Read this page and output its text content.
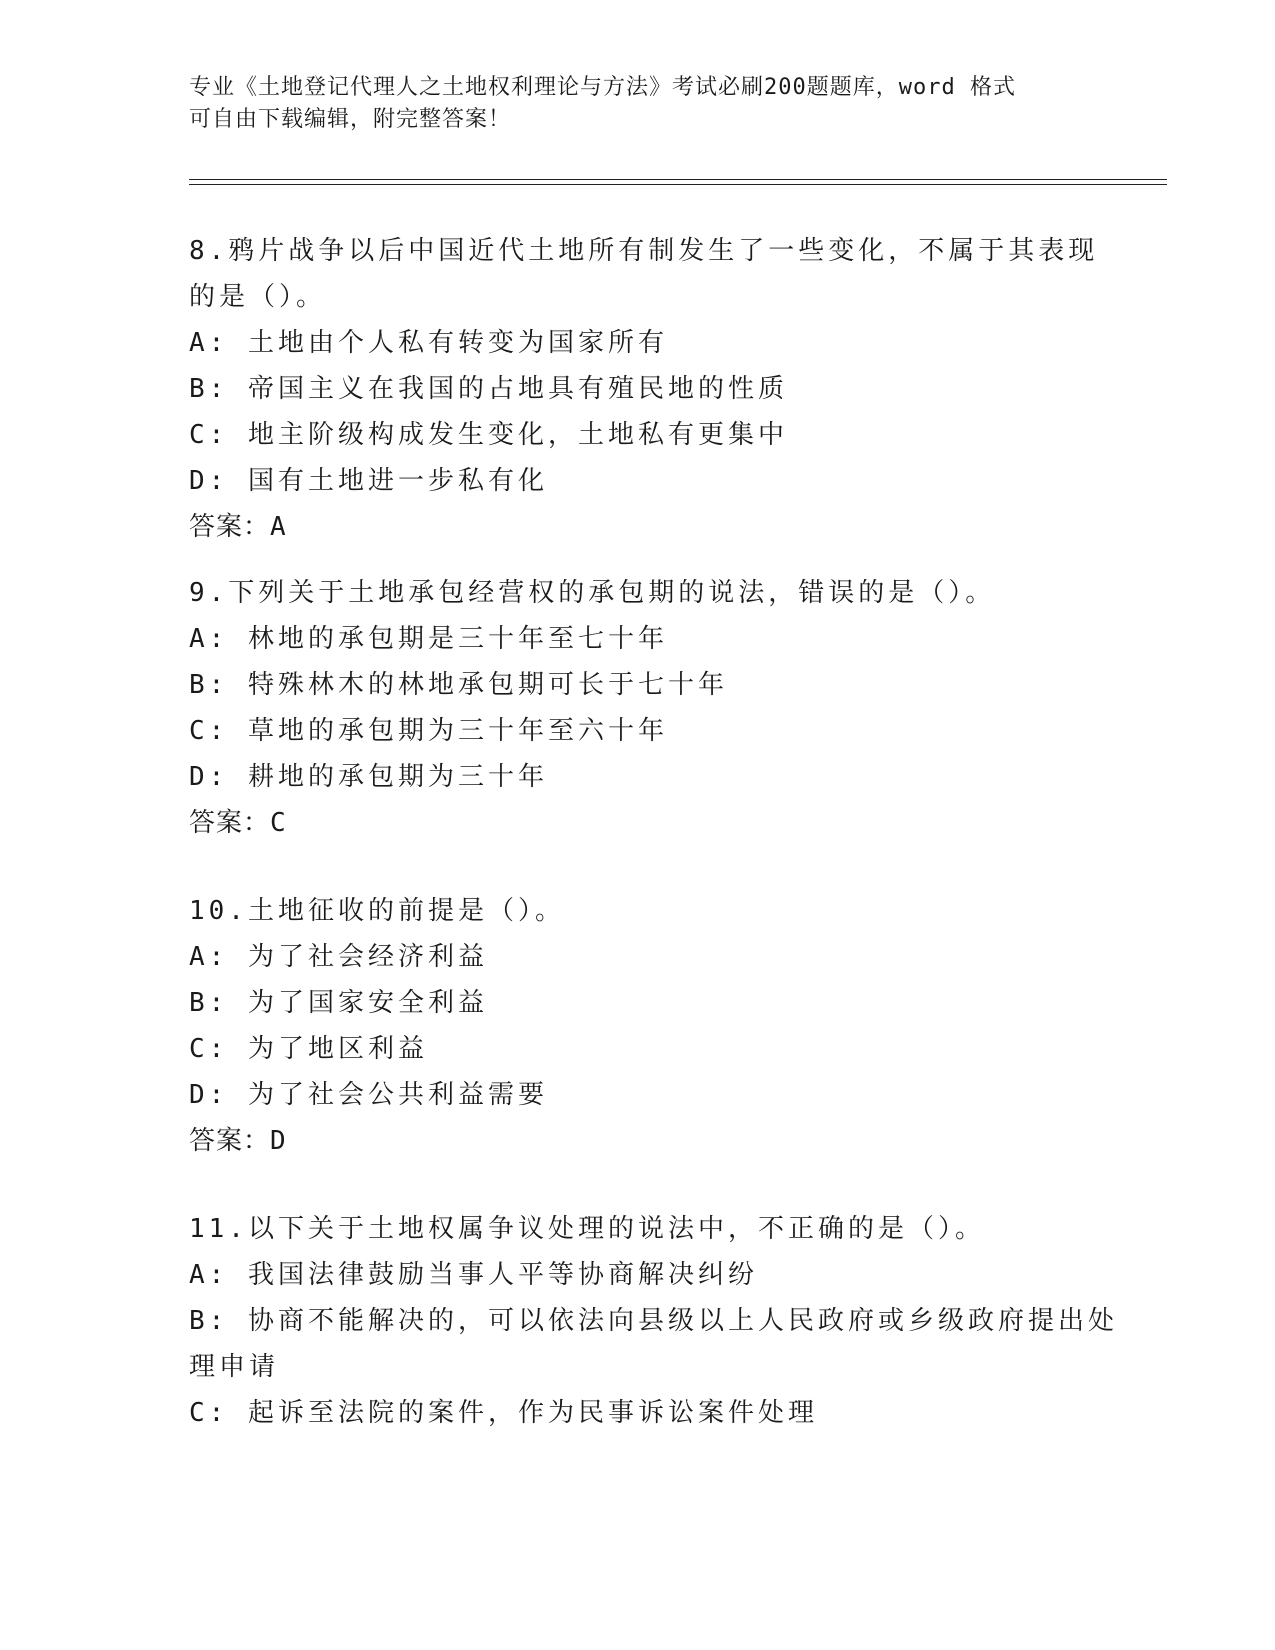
专业《土地登记代理人之土地权利理论与方法》考试必刷200题题库，word 格式
可自由下载编辑，附完整答案！
8.鸦片战争以后中国近代土地所有制发生了一些变化，不属于其表现
的是（）。
A: 土地由个人私有转变为国家所有
B: 帝国主义在我国的占地具有殖民地的性质
C: 地主阶级构成发生变化，土地私有更集中
D: 国有土地进一步私有化
答案：A
9.下列关于土地承包经营权的承包期的说法，错误的是（）。
A: 林地的承包期是三十年至七十年
B: 特殊林木的林地承包期可长于七十年
C: 草地的承包期为三十年至六十年
D: 耕地的承包期为三十年
答案：C
10.土地征收的前提是（）。
A: 为了社会经济利益
B: 为了国家安全利益
C: 为了地区利益
D: 为了社会公共利益需要
答案：D
11.以下关于土地权属争议处理的说法中，不正确的是（）。
A: 我国法律鼓励当事人平等协商解决纠纷
B: 协商不能解决的，可以依法向县级以上人民政府或乡级政府提出处
理申请
C: 起诉至法院的案件，作为民事诉讼案件处理
